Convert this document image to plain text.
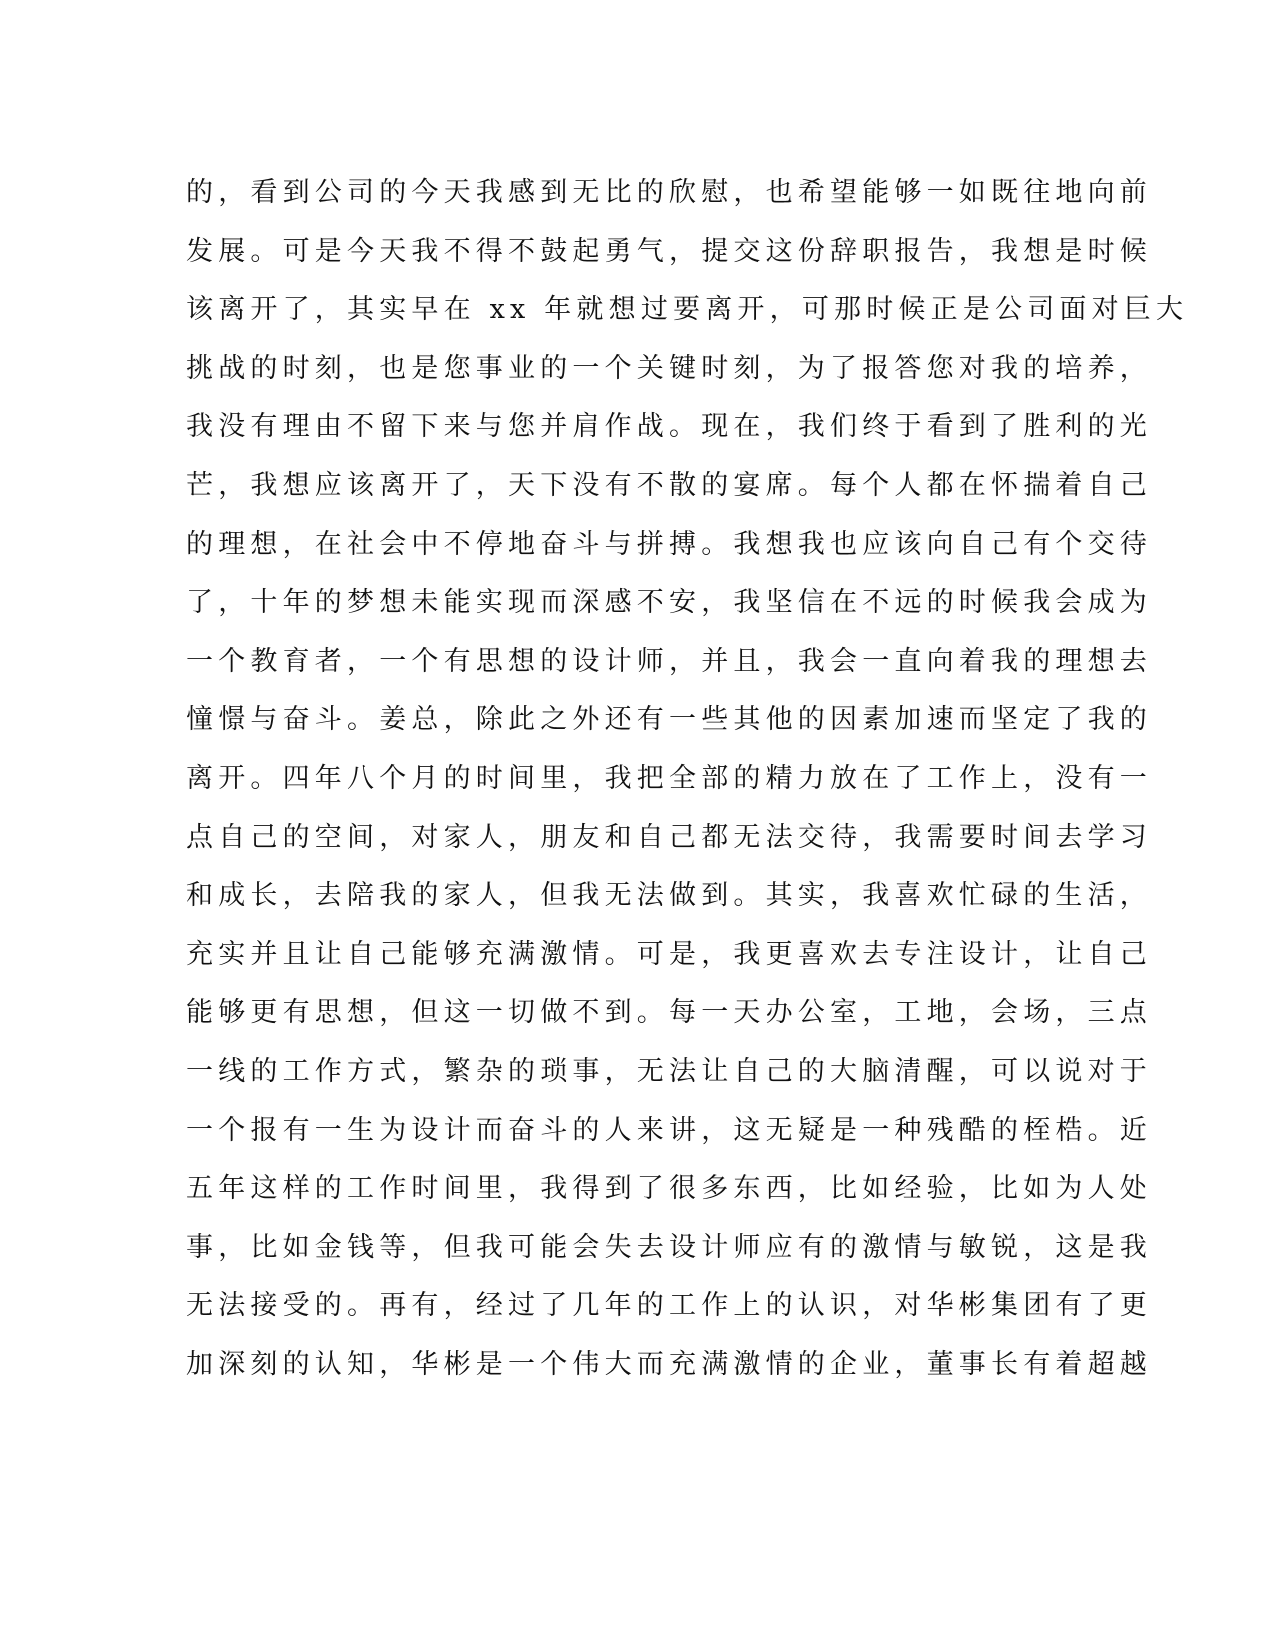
的，看到公司的今天我感到无比的欣慰，也希望能够一如既往地向前
发展。可是今天我不得不鼓起勇气，提交这份辞职报告，我想是时候
该离开了，其实早在 xx 年就想过要离开，可那时候正是公司面对巨大
挑战的时刻，也是您事业的一个关键时刻，为了报答您对我的培养，
我没有理由不留下来与您并肩作战。现在，我们终于看到了胜利的光
芒，我想应该离开了，天下没有不散的宴席。每个人都在怀揣着自己
的理想，在社会中不停地奋斗与拼搏。我想我也应该向自己有个交待
了，十年的梦想未能实现而深感不安，我坚信在不远的时候我会成为
一个教育者，一个有思想的设计师，并且，我会一直向着我的理想去
憧憬与奋斗。姜总，除此之外还有一些其他的因素加速而坚定了我的
离开。四年八个月的时间里，我把全部的精力放在了工作上，没有一
点自己的空间，对家人，朋友和自己都无法交待，我需要时间去学习
和成长，去陪我的家人，但我无法做到。其实，我喜欢忙碌的生活，
充实并且让自己能够充满激情。可是，我更喜欢去专注设计，让自己
能够更有思想，但这一切做不到。每一天办公室，工地，会场，三点
一线的工作方式，繁杂的琐事，无法让自己的大脑清醒，可以说对于
一个报有一生为设计而奋斗的人来讲，这无疑是一种残酷的桎梏。近
五年这样的工作时间里，我得到了很多东西，比如经验，比如为人处
事，比如金钱等，但我可能会失去设计师应有的激情与敏锐，这是我
无法接受的。再有，经过了几年的工作上的认识，对华彬集团有了更
加深刻的认知，华彬是一个伟大而充满激情的企业，董事长有着超越
